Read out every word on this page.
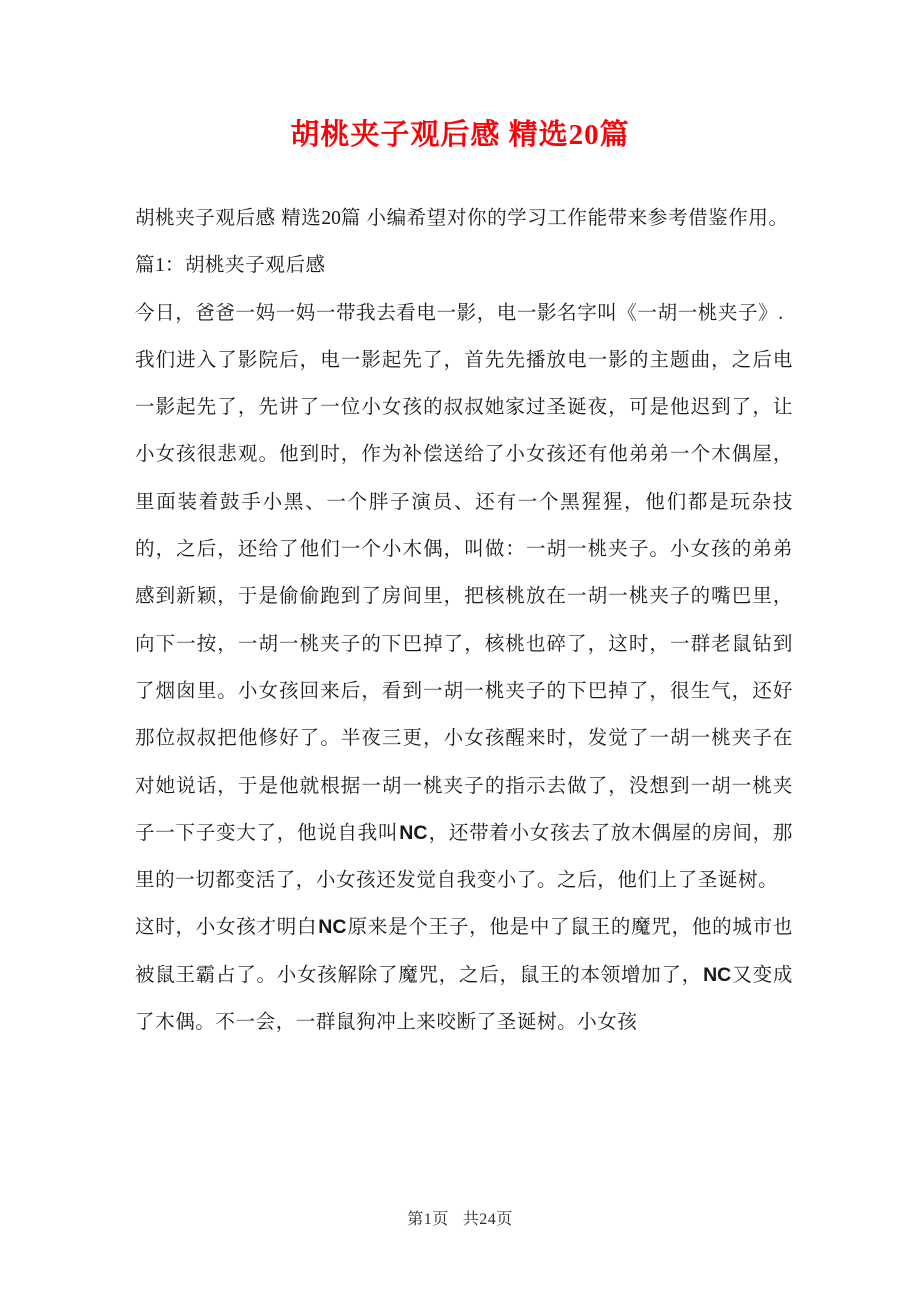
胡桃夹子观后感 精选20篇

胡桃夹子观后感 精选20篇 小编希望对你的学习工作能带来参考借鉴作用。

篇1：胡桃夹子观后感

今日，爸爸一妈一妈一带我去看电一影，电一影名字叫《一胡一桃夹子》.

我们进入了影院后，电一影起先了，首先先播放电一影的主题曲，之后电一影起先了，先讲了一位小女孩的叔叔她家过圣诞夜，可是他迟到了，让小女孩很悲观。他到时，作为补偿送给了小女孩还有他弟弟一个木偶屋，里面装着鼓手小黑、一个胖子演员、还有一个黑猩猩，他们都是玩杂技的，之后，还给了他们一个小木偶，叫做：一胡一桃夹子。小女孩的弟弟感到新颖，于是偷偷跑到了房间里，把核桃放在一胡一桃夹子的嘴巴里，向下一按，一胡一桃夹子的下巴掉了，核桃也碎了，这时，一群老鼠钻到了烟囱里。小女孩回来后，看到一胡一桃夹子的下巴掉了，很生气，还好那位叔叔把他修好了。半夜三更，小女孩醒来时，发觉了一胡一桃夹子在对她说话，于是他就根据一胡一桃夹子的指示去做了，没想到一胡一桃夹子一下子变大了，他说自我叫NC，还带着小女孩去了放木偶屋的房间，那里的一切都变活了，小女孩还发觉自我变小了。之后，他们上了圣诞树。

这时，小女孩才明白NC原来是个王子，他是中了鼠王的魔咒，他的城市也被鼠王霸占了。小女孩解除了魔咒，之后，鼠王的本领增加了，NC又变成了木偶。不一会，一群鼠狗冲上来咬断了圣诞树。小女孩

第1页 共24页
